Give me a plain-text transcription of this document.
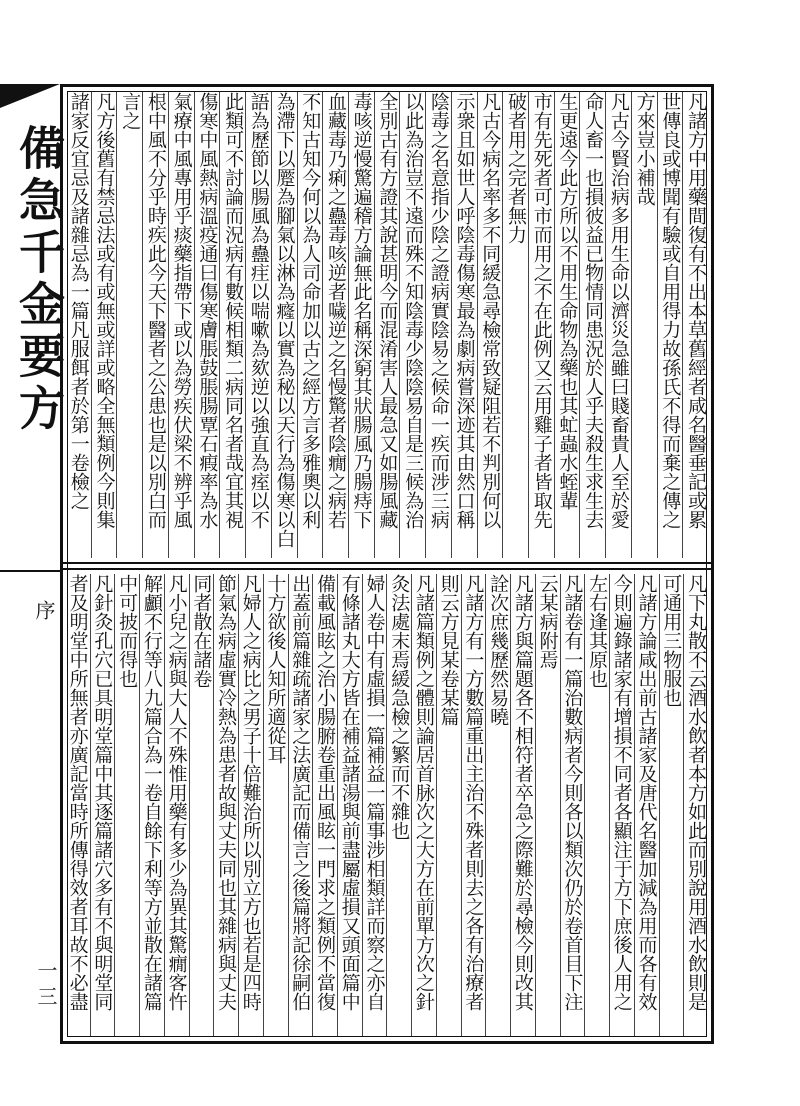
備急千金要方
序
一三
凡諸方中用藥間復有不出本草舊經者咸名醫垂記或累
世傳良或博聞有驗或自用得力故孫氏不得而棄之傳之
方來豈小補哉
凡古今賢治病多用生命以濟災急雖曰賤畜貴人至於愛
命人畜一也損彼益已物情同患況於人乎夫殺生求生去
生更遠今此方所以不用生命物為藥也其虻蟲水蛭輩
市有先死者可市而用之不在此例又云用雞子者皆取先
破者用之完者無力
凡古今病名率多不同緩急尋檢常致疑阻若不判別何以
示衆且如世人呼陰毒傷寒最為劇病嘗深迹其由然口稱
陰毒之名意指少陰之證病實陰易之候命一疾而涉三病
以此為治豈不遠而殊不知陰毒少陰陰易自是三候為治
全別古有方證其說甚明今而混淆害人最急又如腸風藏
毒咳逆慢驚遍稽方論無此名稱深窮其狀腸風乃腸痔下
血藏毒乃痢之蠱毒咳逆者噦逆之名慢驚者陰癇之病若
不知古知今何以為人司命加以古之經方言多雅奧以利
為滯下以蹷為腳氣以淋為癃以實為秘以天行為傷寒以白
語為歷節以腸風為蠱疰以喘嗽為欬逆以強直為痓以不
此類可不討論而況病有數候相類二病同名者哉宜其視
傷寒中風熱病溫疫通曰傷寒膚脹鼓脹腸覃石瘕率為水
氣療中風專用乎痰藥指帶下或以為勞疾伏梁不辨乎風
根中風不分乎時疾此今天下醫者之公患也是以別白而
言之
凡方後舊有禁忌法或有或無或詳或略全無類例今則集
諸家反宜忌及諸雜忌為一篇凡服餌者於第一卷檢之
凡下丸散不云酒水飲者本方如此而別說用酒水飲則是
可通用三物服也
凡諸方論咸出前古諸家及唐代名醫加減為用而各有效
今則遍錄諸家有增損不同者各顯注于方下庶後人用之
左右逢其原也
凡諸卷有一篇治數病者今則各以類次仍於卷首目下注
云某病附焉
凡諸方與篇題各不相符者卒急之際難於尋檢今則改其
詮次庶幾歷然易曉
凡諸方有一方數篇重出主治不殊者則去之各有治療者
則云方見某卷某篇
凡諸篇類例之體則論居首脉次之大方在前單方次之針
灸法處末焉緩急檢之繁而不雜也
婦人卷中有虛損一篇補益一篇事涉相類詳而察之亦自
有條諸丸大方皆在補益諸湯與前盡屬虛損又頭面篇中
備載風眩之治小腸腑卷重出風眩一門求之類例不當復
出蓋前篇雜疏諸家之法廣記而備言之後篇將記徐嗣伯
十方欲後人知所適從耳
凡婦人之病比之男子十倍難治所以別立方也若是四時
節氣為病虛實冷熱為患者故與丈夫同也其雜病與丈夫
同者散在諸卷
凡小兒之病與大人不殊惟用藥有多少為異其驚癇客忤
解顱不行等八九篇合為一卷自餘下利等方並散在諸篇
中可披而得也
凡針灸孔穴已具明堂篇中其逐篇諸穴多有不與明堂同
者及明堂中所無者亦廣記當時所傳得效者耳故不必盡
